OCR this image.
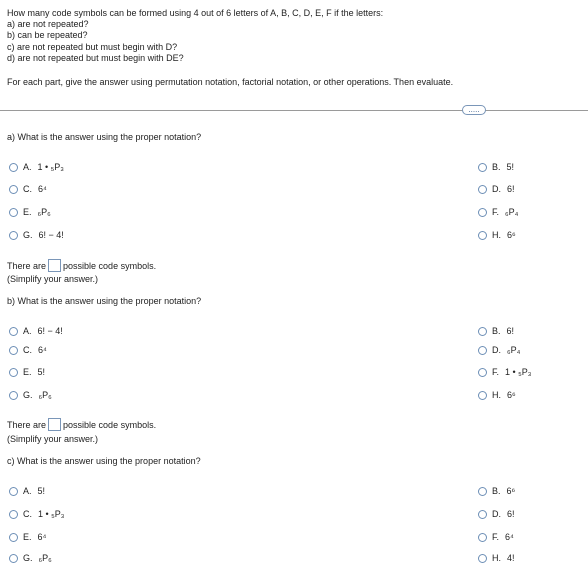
How many code symbols can be formed using 4 out of 6 letters of A, B, C, D, E, F if the letters:
a) are not repeated?
b) can be repeated?
c) are not repeated but must begin with D?
d) are not repeated but must begin with DE?
For each part, give the answer using permutation notation, factorial notation, or other operations. Then evaluate.
.....
a) What is the answer using the proper notation?
A. 1 • ₅P₃	B. 5!
C. 6⁴	D. 6!
E. ₆P₆	F. ₆P₄
G. 6! − 4!	H. 6⁶
There are possible code symbols.
(Simplify your answer.)
b) What is the answer using the proper notation?
A. 6! − 4!	B. 6!
C. 6⁴	D. ₆P₄
E. 5!	F. 1 • ₅P₃
G. ₆P₆	H. 6⁶
There are possible code symbols.
(Simplify your answer.)
c) What is the answer using the proper notation?
A. 5!	B. 6⁶
C. 1 • ₅P₃	D. 6!
E. 6⁴	F. 6⁴
G. ₆P₆	H. 4!
